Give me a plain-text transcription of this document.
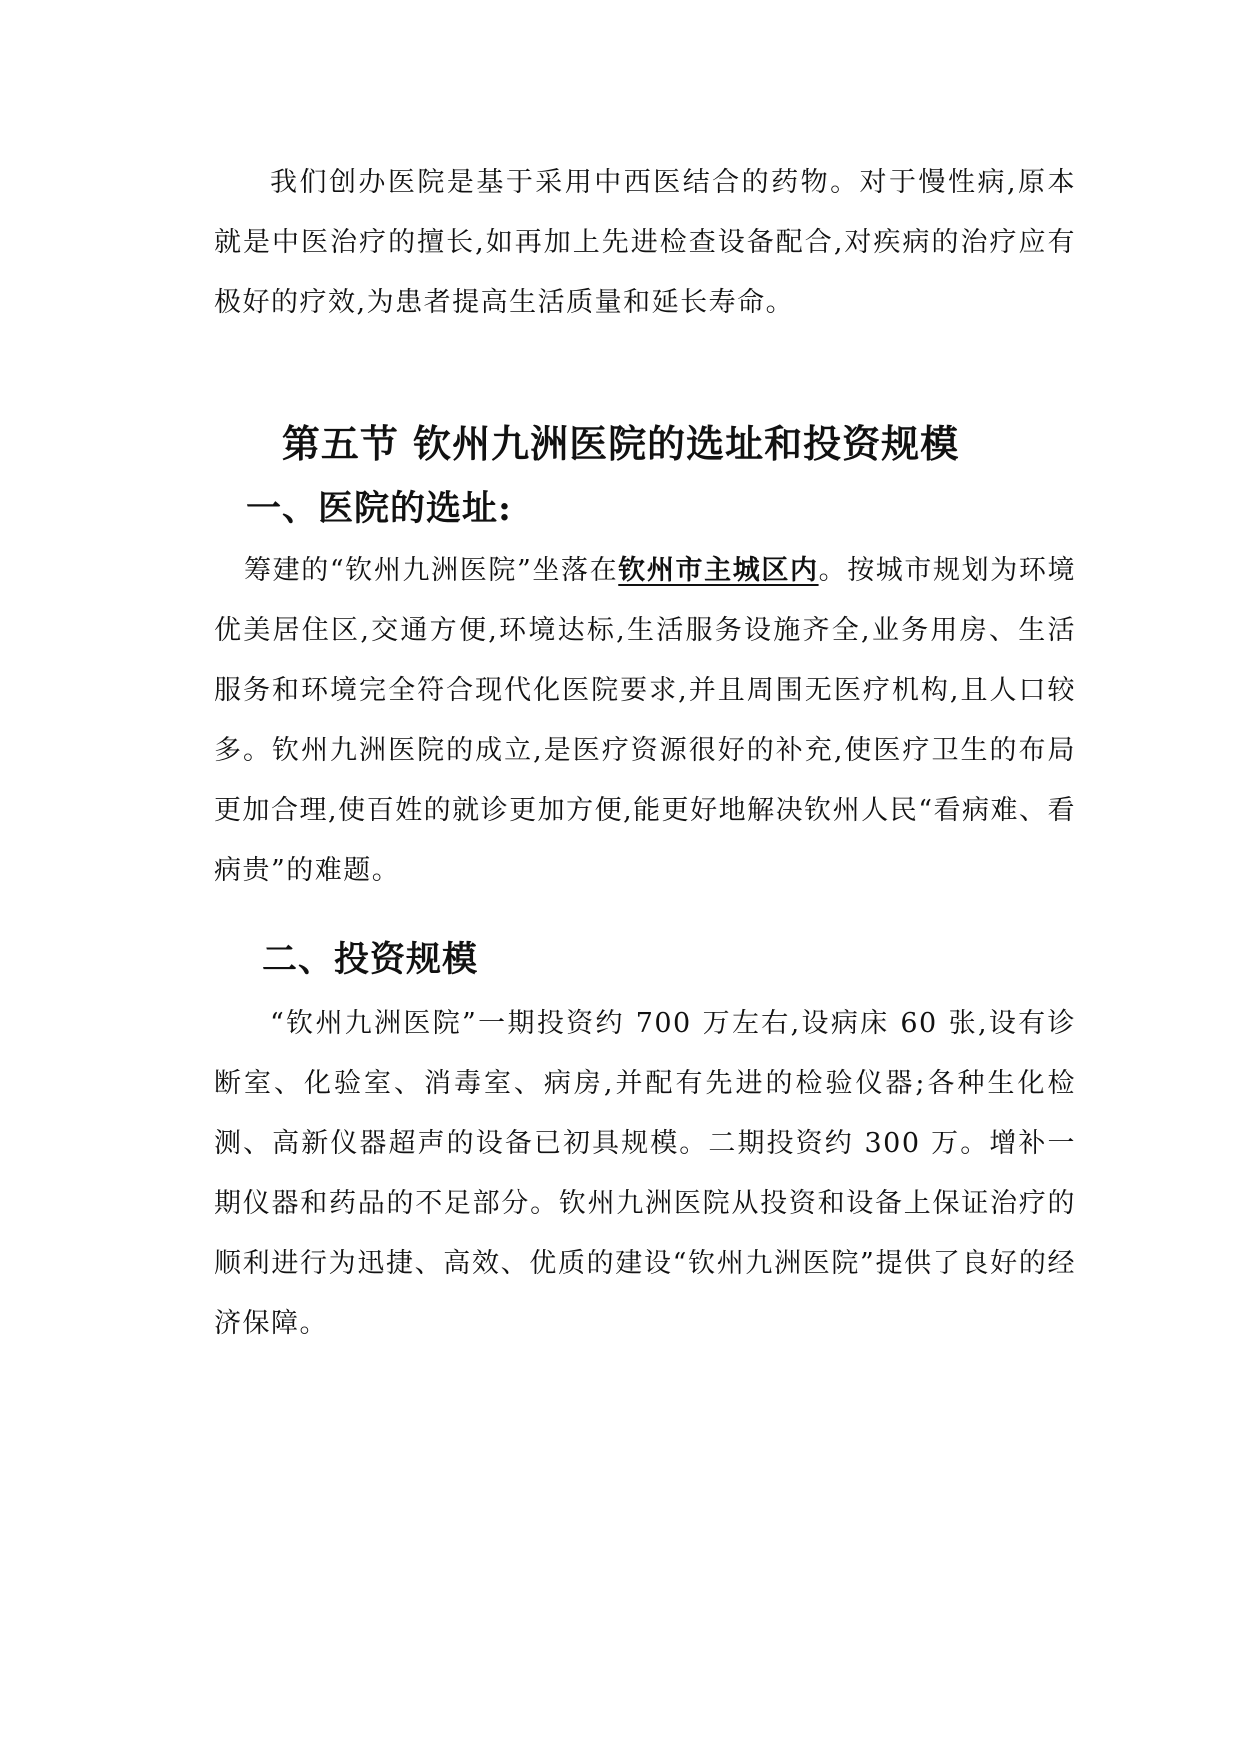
我们创办医院是基于采用中西医结合的药物。对于慢性病,原本就是中医治疗的擅长,如再加上先进检查设备配合,对疾病的治疗应有极好的疗效,为患者提高生活质量和延长寿命。

第五节 钦州九洲医院的选址和投资规模
一、医院的选址:

筹建的“钦州九洲医院”坐落在钦州市主城区内。按城市规划为环境优美居住区,交通方便,环境达标,生活服务设施齐全,业务用房、生活服务和环境完全符合现代化医院要求,并且周围无医疗机构,且人口较多。钦州九洲医院的成立,是医疗资源很好的补充,使医疗卫生的布局更加合理,使百姓的就诊更加方便,能更好地解决钦州人民“看病难、看病贵”的难题。

二、投资规模

“钦州九洲医院”一期投资约 700 万左右,设病床 60 张,设有诊断室、化验室、消毒室、病房,并配有先进的检验仪器;各种生化检测、高新仪器超声的设备已初具规模。二期投资约 300 万。增补一期仪器和药品的不足部分。钦州九洲医院从投资和设备上保证治疗的顺利进行为迅捷、高效、优质的建设“钦州九洲医院”提供了良好的经济保障。
